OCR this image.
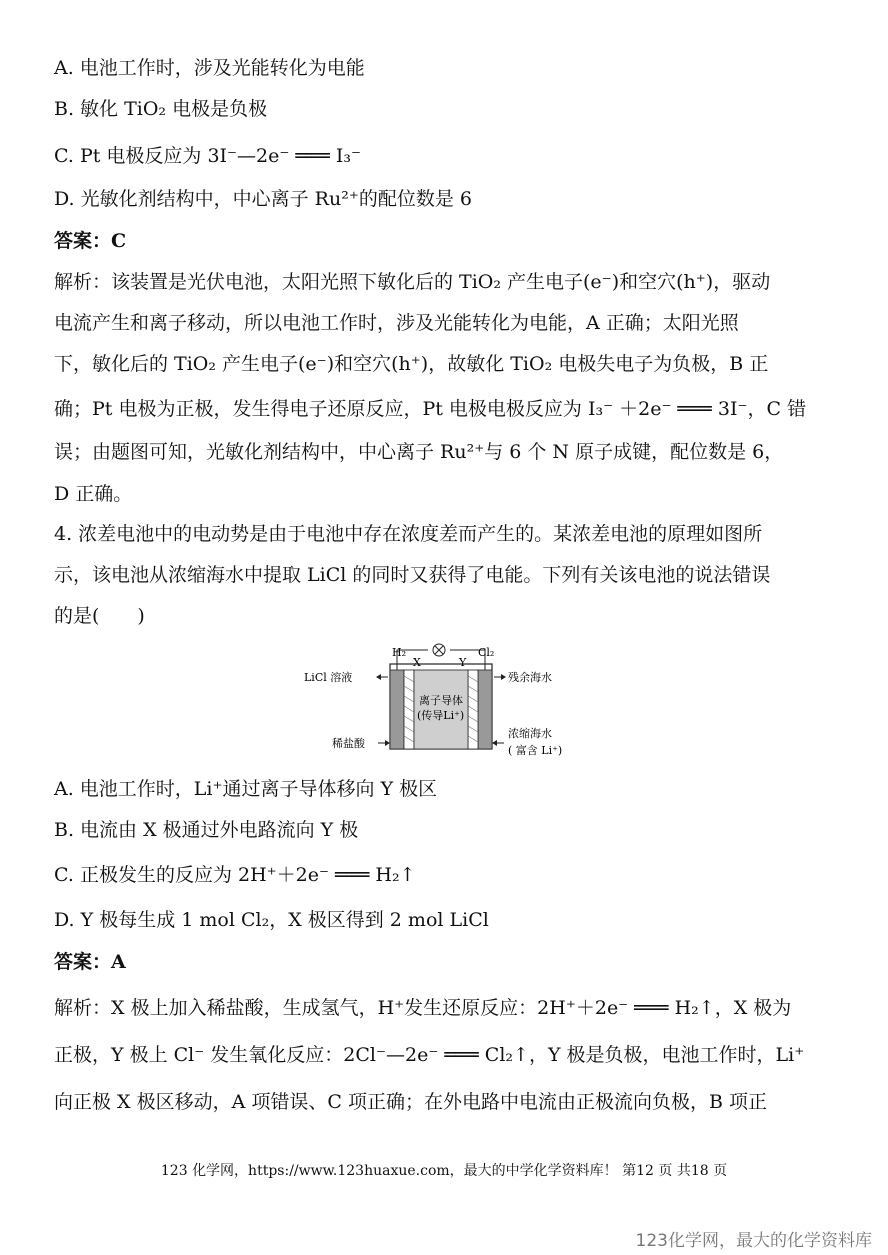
A. 电池工作时，涉及光能转化为电能
B. 敏化 TiO₂ 电极是负极
C. Pt 电极反应为 3I⁻—2e⁻ ═══ I₃⁻
D. 光敏化剂结构中，中心离子 Ru²⁺的配位数是 6
答案：C
解析：该装置是光伏电池，太阳光照下敏化后的 TiO₂ 产生电子(e⁻)和空穴(h⁺)，驱动
电流产生和离子移动，所以电池工作时，涉及光能转化为电能，A 正确；太阳光照
下，敏化后的 TiO₂ 产生电子(e⁻)和空穴(h⁺)，故敏化 TiO₂ 电极失电子为负极，B 正
确；Pt 电极为正极，发生得电子还原反应，Pt 电极电极反应为 I₃⁻ ＋2e⁻ ═══ 3I⁻，C 错
误；由题图可知，光敏化剂结构中，中心离子 Ru²⁺与 6 个 N 原子成键，配位数是 6，
D 正确。
4. 浓差电池中的电动势是由于电池中存在浓度差而产生的。某浓差电池的原理如图所
示，该电池从浓缩海水中提取 LiCl 的同时又获得了电能。下列有关该电池的说法错误
的是(　　)
H₂	Cl₂
X	Y
LiCl 溶液
稀盐酸
离子导体
(传导Li⁺)
残余海水
浓缩海水
( 富含 Li⁺)
A. 电池工作时，Li⁺通过离子导体移向 Y 极区
B. 电流由 X 极通过外电路流向 Y 极
C. 正极发生的反应为 2H⁺＋2e⁻ ═══ H₂↑
D. Y 极每生成 1 mol Cl₂，X 极区得到 2 mol LiCl
答案：A
解析：X 极上加入稀盐酸，生成氢气，H⁺发生还原反应：2H⁺＋2e⁻ ═══ H₂↑，X 极为
正极，Y 极上 Cl⁻ 发生氧化反应：2Cl⁻—2e⁻ ═══ Cl₂↑，Y 极是负极，电池工作时，Li⁺
向正极 X 极区移动，A 项错误、C 项正确；在外电路中电流由正极流向负极，B 项正
123 化学网，https://www.123huaxue.com，最大的中学化学资料库！ 第12 页 共18 页
123化学网，最大的化学资料库
